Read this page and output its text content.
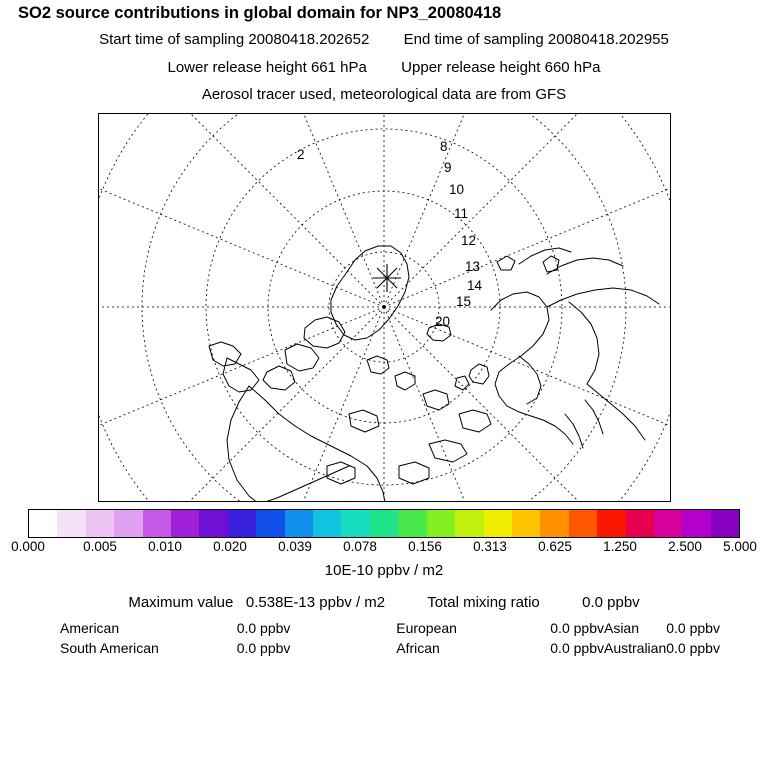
SO2 source contributions in global domain for NP3_20080418
Start time of sampling 20080418.202652 End time of sampling 20080418.202955
Lower release height 661 hPa Upper release height 660 hPa
Aerosol tracer used, meteorological data are from GFS
2
8
9
10
11
12
13
14
15
20
0.000	0.005 0.010 0.020 0.039 0.078 0.156 0.313 0.625 1.250 2.500 5.000
10E-10 ppbv / m2
Maximum value 0.538E-13 ppbv / m2	Total mixing ratio	0.0 ppbv
American	0.0 ppbv	European	0.0 ppbv	Asian	0.0 ppbv
South American	0.0 ppbv	African	0.0 ppbv	Australian	0.0 ppbv
